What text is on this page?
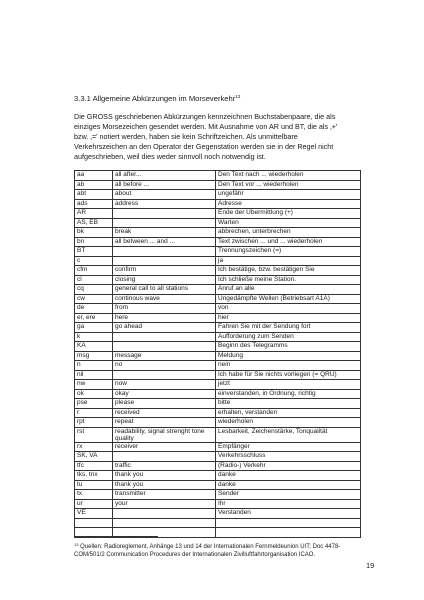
3.3.1 Allgemeine Abkürzungen im Morseverkehr$^{13}$
Die GROSS geschriebenen Abkürzungen kennzeichnen Buchstabenpaare, die als
einziges Morsezeichen gesendet werden. Mit Ausnahme von AR und BT, die als ‚+'
bzw. ‚=' notiert werden, haben sie kein Schriftzeichen. Als unmittelbare
Verkehrszeichen an den Operator der Gegenstation werden sie in der Regel nicht
aufgeschrieben, weil dies weder sinnvoll noch notwendig ist.
aa	all after...	Den Text nach ... wiederholen
ab	all before ...	Den Text vor ... wiederholen
abt	about	ungefähr
ads	address	Adresse
AR		Ende der Übermittlung (+)
AS, EB		Warten
bk	break	abbrechen, unterbrechen
bn	all between ... and ...	Text zwischen ... und ... wiederholen
BT		Trennungszeichen (=)
c		ja
cfm	confirm	Ich bestätige, bzw. bestätigen Sie
cl	closing	Ich schließe meine Station.
cq	general call to all stations	Anruf an alle
cw	continous wave	Ungedämpfte Wellen (Betriebsart A1A)
de	from	von
er, ere	here	hier
ga	go ahead	Fahren Sie mit der Sendung fort
k		Aufforderung zum Senden
KA		Beginn des Telegramms
msg	message	Meldung
n	no	nein
nil		Ich habe für Sie nichts vorliegen (= QRU)
nw	now	jetzt
ok	okay	einverstanden, in Ordnung, richtig
pse	please	bitte
r	received	erhalten, verstanden
rpt	repeat	wiederholen
rst	readability, signal strenght tone quality	Lesbarkeit, Zeichenstärke, Tonqualität
rx	receiver	Empfänger
SK, VA		Verkehrsschluss
tfc	traffic	(Radio-) Verkehr
tks, tnx	thank you	danke
tu	thank you	danke
tx	transmitter	Sender
ur	your	Ihr
VE		Verstanden

$^{13}$ Quellen: Radioreglement, Anhänge 13 und 14 der Internationalen Fernmeldeunion UIT; Doc 4478-
COM/501/2 Communication Procedures der Internationalen Zivilluftfahrtorganisation ICAO.
19
